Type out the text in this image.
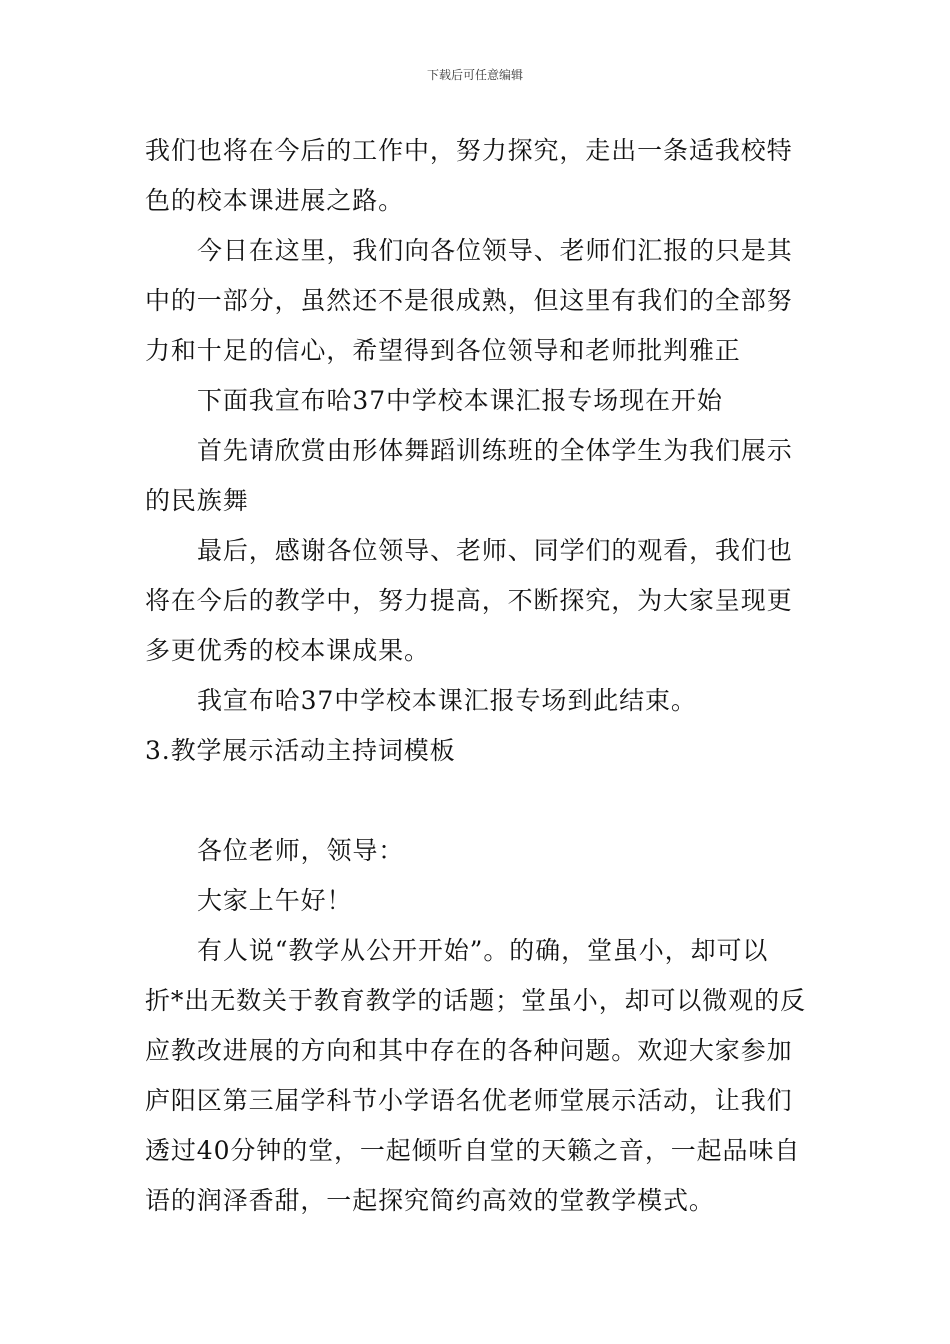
下载后可任意编辑
我们也将在今后的工作中，努力探究，走出一条适我校特
色的校本课进展之路。
今日在这里，我们向各位领导、老师们汇报的只是其
中的一部分，虽然还不是很成熟，但这里有我们的全部努
力和十足的信心，希望得到各位领导和老师批判雅正
下面我宣布哈37中学校本课汇报专场现在开始
首先请欣赏由形体舞蹈训练班的全体学生为我们展示
的民族舞
最后，感谢各位领导、老师、同学们的观看，我们也
将在今后的教学中，努力提高，不断探究，为大家呈现更
多更优秀的校本课成果。
我宣布哈37中学校本课汇报专场到此结束。
3.教学展示活动主持词模板
各位老师，领导：
大家上午好！
有人说“教学从公开开始”。的确，堂虽小，却可以
折*出无数关于教育教学的话题；堂虽小，却可以微观的反
应教改进展的方向和其中存在的各种问题。欢迎大家参加
庐阳区第三届学科节小学语名优老师堂展示活动，让我们
透过40分钟的堂，一起倾听自堂的天籁之音，一起品味自
语的润泽香甜，一起探究简约高效的堂教学模式。
